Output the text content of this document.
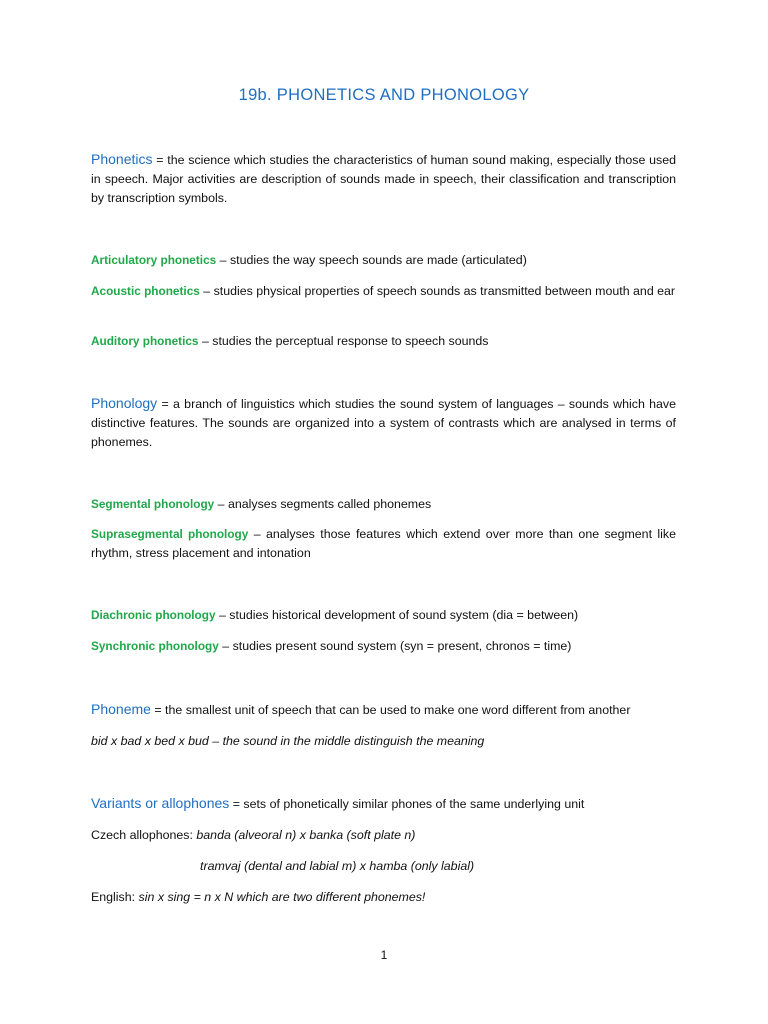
19b. PHONETICS AND PHONOLOGY
Phonetics = the science which studies the characteristics of human sound making, especially those used in speech. Major activities are description of sounds made in speech, their classification and transcription by transcription symbols.
Articulatory phonetics – studies the way speech sounds are made (articulated)
Acoustic phonetics – studies physical properties of speech sounds as transmitted between mouth and ear
Auditory phonetics – studies the perceptual response to speech sounds
Phonology = a branch of linguistics which studies the sound system of languages – sounds which have distinctive features. The sounds are organized into a system of contrasts which are analysed in terms of phonemes.
Segmental phonology – analyses segments called phonemes
Suprasegmental phonology – analyses those features which extend over more than one segment like rhythm, stress placement and intonation
Diachronic phonology – studies historical development of sound system (dia = between)
Synchronic phonology – studies present sound system (syn = present, chronos = time)
Phoneme = the smallest unit of speech that can be used to make one word different from another
bid x bad x bed x bud – the sound in the middle distinguish the meaning
Variants or allophones = sets of phonetically similar phones of the same underlying unit
Czech allophones: banda (alveoral n) x banka (soft plate n)
tramvaj (dental and labial m) x hamba (only labial)
English: sin x sing = n x N which are two different phonemes!
1
